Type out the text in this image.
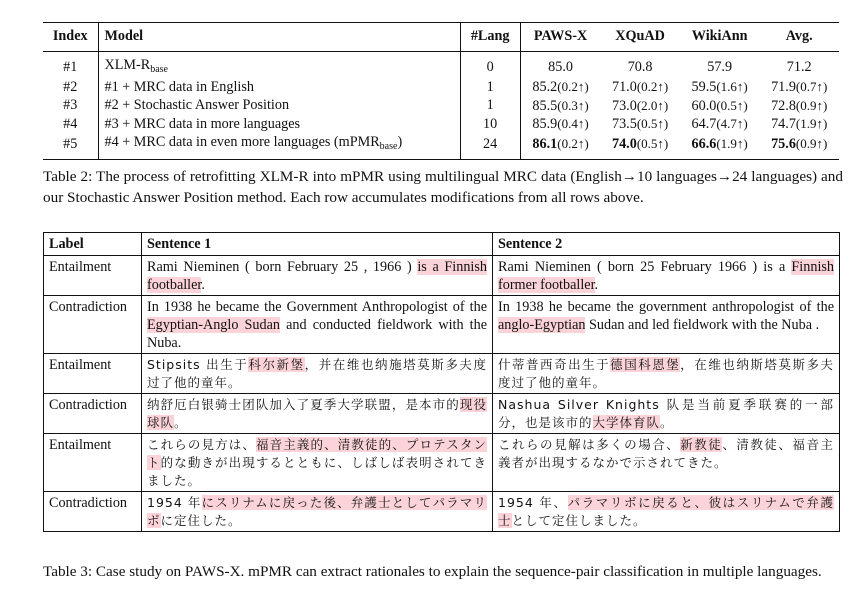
Index	Model	#Lang	PAWS-X	XQuAD	WikiAnn	Avg.
#1	XLM-$R_{base}$	0	85.0	70.8	57.9	71.2
#2	#1 + MRC data in English	1	85.2(0.2↑)	71.0(0.2↑)	59.5(1.6↑)	71.9(0.7↑)
#3	#2 + Stochastic Answer Position	1	85.5(0.3↑)	73.0(2.0↑)	60.0(0.5↑)	72.8(0.9↑)
#4	#3 + MRC data in more languages	10	85.9(0.4↑)	73.5(0.5↑)	64.7(4.7↑)	74.7(1.9↑)
#5	#4 + MRC data in even more languages (mPMR$_{base}$)	24	86.1(0.2↑)	74.0(0.5↑)	66.6(1.9↑)	75.6(0.9↑)

Table 2: The process of retrofitting XLM-R into mPMR using multilingual MRC data (English→10 languages→24 languages) and our Stochastic Answer Position method. Each row accumulates modifications from all rows above.

Label	Sentence 1	Sentence 2
Entailment	Rami Nieminen ( born February 25 , 1966 ) is a Finnish footballer.	Rami Nieminen ( born 25 February 1966 ) is a Finnish former footballer.
Contradiction	In 1938 he became the Government Anthropologist of the Egyptian-Anglo Sudan and conducted fieldwork with the Nuba.	In 1938 he became the government anthropologist of the anglo-Egyptian Sudan and led fieldwork with the Nuba .
Entailment	Stipsits 出生于科尔新堡，并在维也纳施塔莫斯多夫度过了他的童年。	什蒂普西奇出生于德国科恩堡，在维也纳斯塔莫斯多夫度过了他的童年。
Contradiction	纳舒厄白银骑士团队加入了夏季大学联盟，是本市的现役球队。	Nashua Silver Knights 队是当前夏季联赛的一部分，也是该市的大学体育队。
Entailment	これらの見方は、福音主義的、清教徒的、プロテスタント的な動きが出現するとともに、しばしば表明されてきました。	これらの見解は多くの場合、新教徒、清教徒、福音主義者が出現するなかで示されてきた。
Contradiction	1954 年にスリナムに戻った後、弁護士としてパラマリボに定住した。	1954 年、パラマリボに戻ると、彼はスリナムで弁護士として定住しました。

Table 3: Case study on PAWS-X. mPMR can extract rationales to explain the sequence-pair classification in multiple languages.
